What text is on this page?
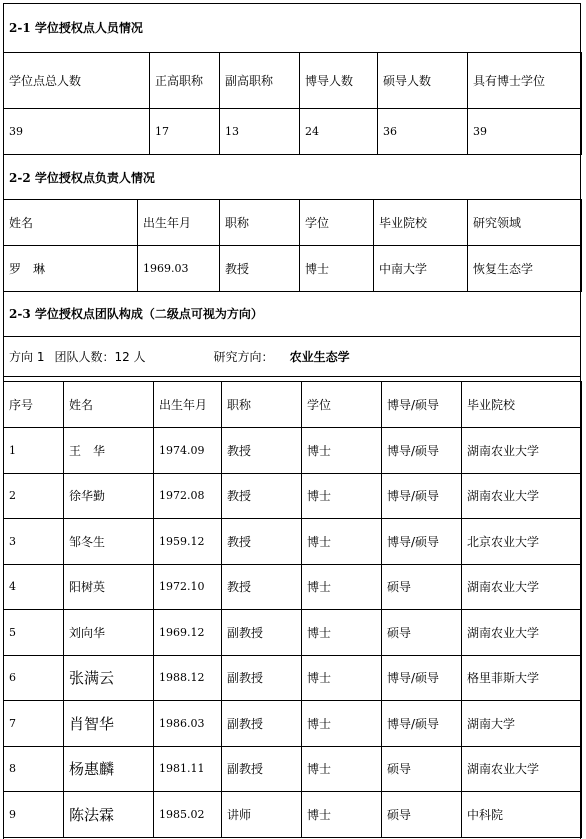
2-1 学位授权点人员情况
学位点总人数	正高职称	副高职称	博导人数	硕导人数	具有博士学位
39	17	13	24	36	39
2-2 学位授权点负责人情况
姓名	出生年月	职称	学位	毕业院校	研究领域
罗　琳	1969.03	教授	博士	中南大学	恢复生态学
2-3 学位授权点团队构成（二级点可视为方向）
方向 1 团队人数：12 人	研究方向： 农业生态学
序号	姓名	出生年月	职称	学位	博导/硕导	毕业院校
1	王　华	1974.09	教授	博士	博导/硕导	湖南农业大学
2	徐华勤	1972.08	教授	博士	博导/硕导	湖南农业大学
3	邹冬生	1959.12	教授	博士	博导/硕导	北京农业大学
4	阳树英	1972.10	教授	博士	硕导	湖南农业大学
5	刘向华	1969.12	副教授	博士	硕导	湖南农业大学
6	张满云	1988.12	副教授	博士	博导/硕导	格里菲斯大学
7	肖智华	1986.03	副教授	博士	博导/硕导	湖南大学
8	杨惠麟	1981.11	副教授	博士	硕导	湖南农业大学
9	陈法霖	1985.02	讲师	博士	硕导	中科院
